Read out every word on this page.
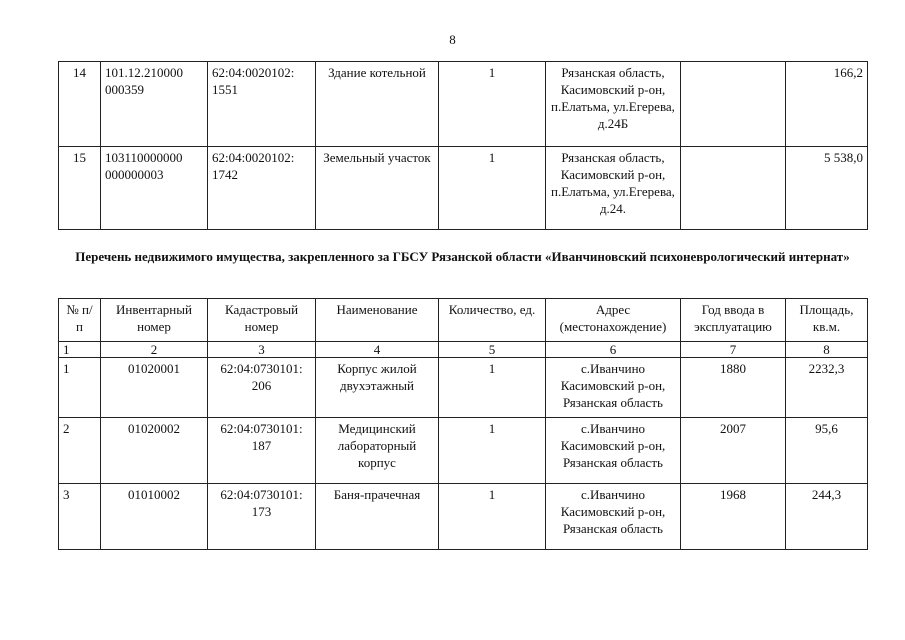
8
14	101.12.210000 000359	62:04:0020102: 1551	Здание котельной	1	Рязанская область, Касимовский р-он, п.Елатьма, ул.Егерева, д.24Б		166,2
15	103110000000 000000003	62:04:0020102: 1742	Земельный участок	1	Рязанская область, Касимовский р-он, п.Елатьма, ул.Егерева, д.24.		5 538,0
Перечень недвижимого имущества, закрепленного за ГБСУ Рязанской области «Иванчиновский психоневрологический интернат»
№ п/п	Инвентарный номер	Кадастровый номер	Наименование	Количество, ед.	Адрес (местонахождение)	Год ввода в эксплуатацию	Площадь, кв.м.
1	2	3	4	5	6	7	8
1	01020001	62:04:0730101: 206	Корпус жилой двухэтажный	1	с.Иванчино Касимовский р-он, Рязанская область	1880	2232,3
2	01020002	62:04:0730101: 187	Медицинский лабораторный корпус	1	с.Иванчино Касимовский р-он, Рязанская область	2007	95,6
3	01010002	62:04:0730101: 173	Баня-прачечная	1	с.Иванчино Касимовский р-он, Рязанская область	1968	244,3
